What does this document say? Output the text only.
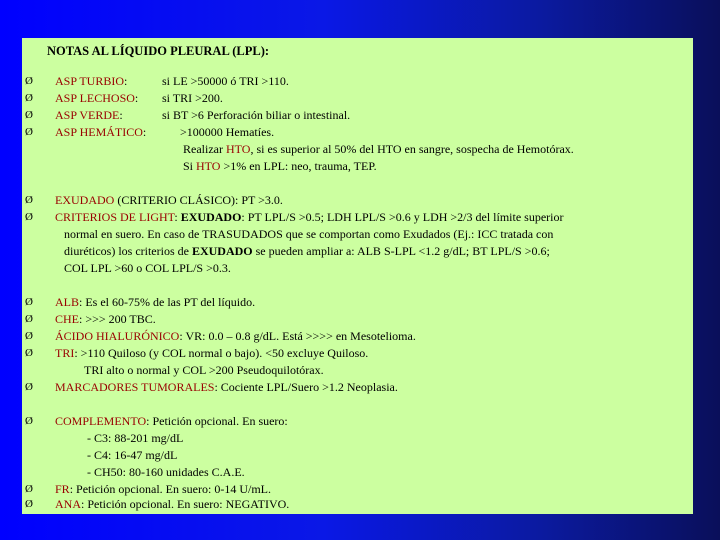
NOTAS AL LÍQUIDO PLEURAL (LPL):
Ø ASP TURBIO:	si LE >50000 ó TRI >110.
Ø ASP LECHOSO: si TRI >200.
Ø ASP VERDE:	si BT >6 Perforación biliar o intestinal.
Ø ASP HEMÁTICO:	>100000 Hematíes.
Realizar HTO, si es superior al 50% del HTO en sangre, sospecha de Hemotórax.
Si HTO >1% en LPL: neo, trauma, TEP.
Ø EXUDADO (CRITERIO CLÁSICO): PT >3.0.
Ø CRITERIOS DE LIGHT: EXUDADO: PT LPL/S >0.5; LDH LPL/S >0.6 y LDH >2/3 del límite superior
normal en suero. En caso de TRASUDADOS que se comportan como Exudados (Ej.: ICC tratada con
diuréticos) los criterios de EXUDADO se pueden ampliar a: ALB S-LPL <1.2 g/dL; BT LPL/S >0.6;
COL LPL >60 o COL LPL/S >0.3.
Ø ALB: Es el 60-75% de las PT del líquido.
Ø CHE: >>> 200 TBC.
Ø ÁCIDO HIALURÓNICO: VR: 0.0 – 0.8 g/dL. Está >>>> en Mesotelioma.
Ø TRI: >110 Quiloso (y COL normal o bajo). <50 excluye Quiloso.
TRI alto o normal y COL >200 Pseudoquilotórax.
Ø MARCADORES TUMORALES: Cociente LPL/Suero >1.2 Neoplasia.
Ø COMPLEMENTO: Petición opcional. En suero:
- C3: 88-201 mg/dL
- C4: 16-47 mg/dL
- CH50: 80-160 unidades C.A.E.
Ø FR: Petición opcional. En suero: 0-14 U/mL.
Ø ANA: Petición opcional. En suero: NEGATIVO.
